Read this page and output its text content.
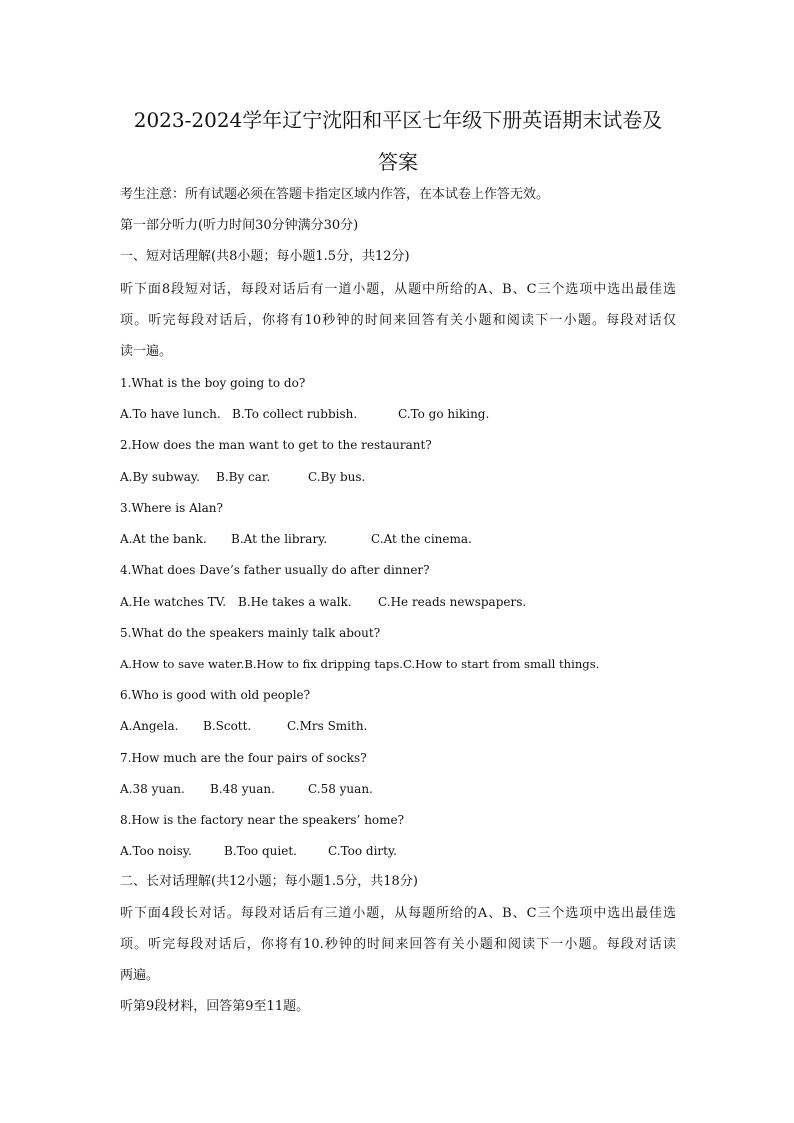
2023-2024学年辽宁沈阳和平区七年级下册英语期末试卷及
答案
考生注意：所有试题必须在答题卡指定区域内作答，在本试卷上作答无效。
第一部分听力(听力时间30分钟满分30分)
一、短对话理解(共8小题；每小题1.5分，共12分)
听下面8段短对话，每段对话后有一道小题，从题中所给的A、B、C三个选项中选出最佳选
项。听完每段对话后，你将有10秒钟的时间来回答有关小题和阅读下一小题。每段对话仅
读一遍。
1.What is the boy going to do?
A.To have lunch. B.To collect rubbish.	C.To go hiking.
2.How does the man want to get to the restaurant?
A.By subway. B.By car.	C.By bus.
3.Where is Alan?
A.At the bank. B.At the library.	C.At the cinema.
4.What does Dave’s father usually do after dinner?
A.He watches TV. B.He takes a walk. C.He reads newspapers.
5.What do the speakers mainly talk about?
A.How to save water.B.How to fix dripping taps.C.How to start from small things.
6.Who is good with old people?
A.Angela. B.Scott.	C.Mrs Smith.
7.How much are the four pairs of socks?
A.38 yuan. B.48 yuan.	C.58 yuan.
8.How is the factory near the speakers’ home?
A.Too noisy.	B.Too quiet.	C.Too dirty.
二、长对话理解(共12小题；每小题1.5分，共18分)
听下面4段长对话。每段对话后有三道小题，从每题所给的A、B、C三个选项中选出最佳选
项。听完每段对话后，你将有10.秒钟的时间来回答有关小题和阅读下一小题。每段对话读
两遍。
听第9段材料，回答第9至11题。
